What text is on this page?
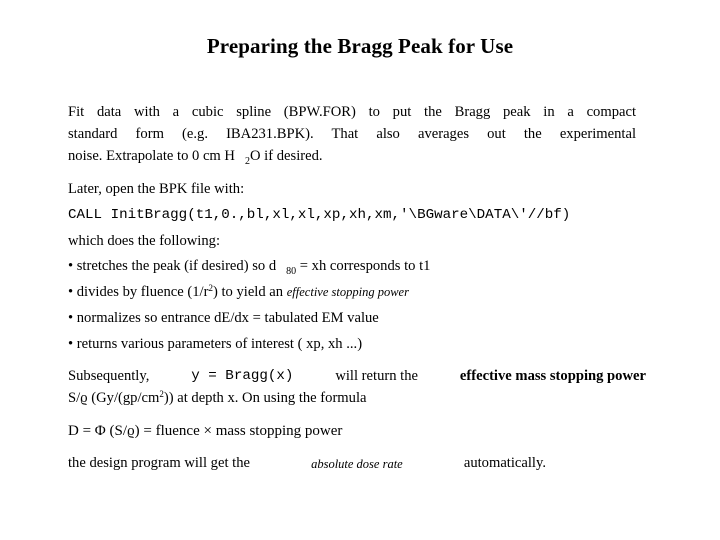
Preparing the Bragg Peak for Use
Fit data with a cubic spline (BPW.FOR) to put the Bragg peak in a compact
standard form (e.g. IBA231.BPK). That also averages out the experimental
noise. Extrapolate to 0 cm H $_2$O if desired.
Later, open the BPK file with:
CALL InitBragg(t1,0.,bl,xl,xl,xp,xh,xm,'\BGware\DATA\'//bf)
which does the following:
• stretches the peak (if desired) so d $_{80}$ = xh corresponds to t1
• divides by fluence $(1/r^2)$ to yield an effective stopping power
• normalizes so entrance dE/dx = tabulated EM value
• returns various parameters of interest ( xp, xh ...)
Subsequently,	y = Bragg(x)	will return the	effective mass stopping power
S/ϱ $(Gy/(gp/cm^2))$ at depth x. On using the formula
D = Φ (S/ϱ) = fluence × mass stopping power
the design program will get the	absolute dose rate	automatically.
